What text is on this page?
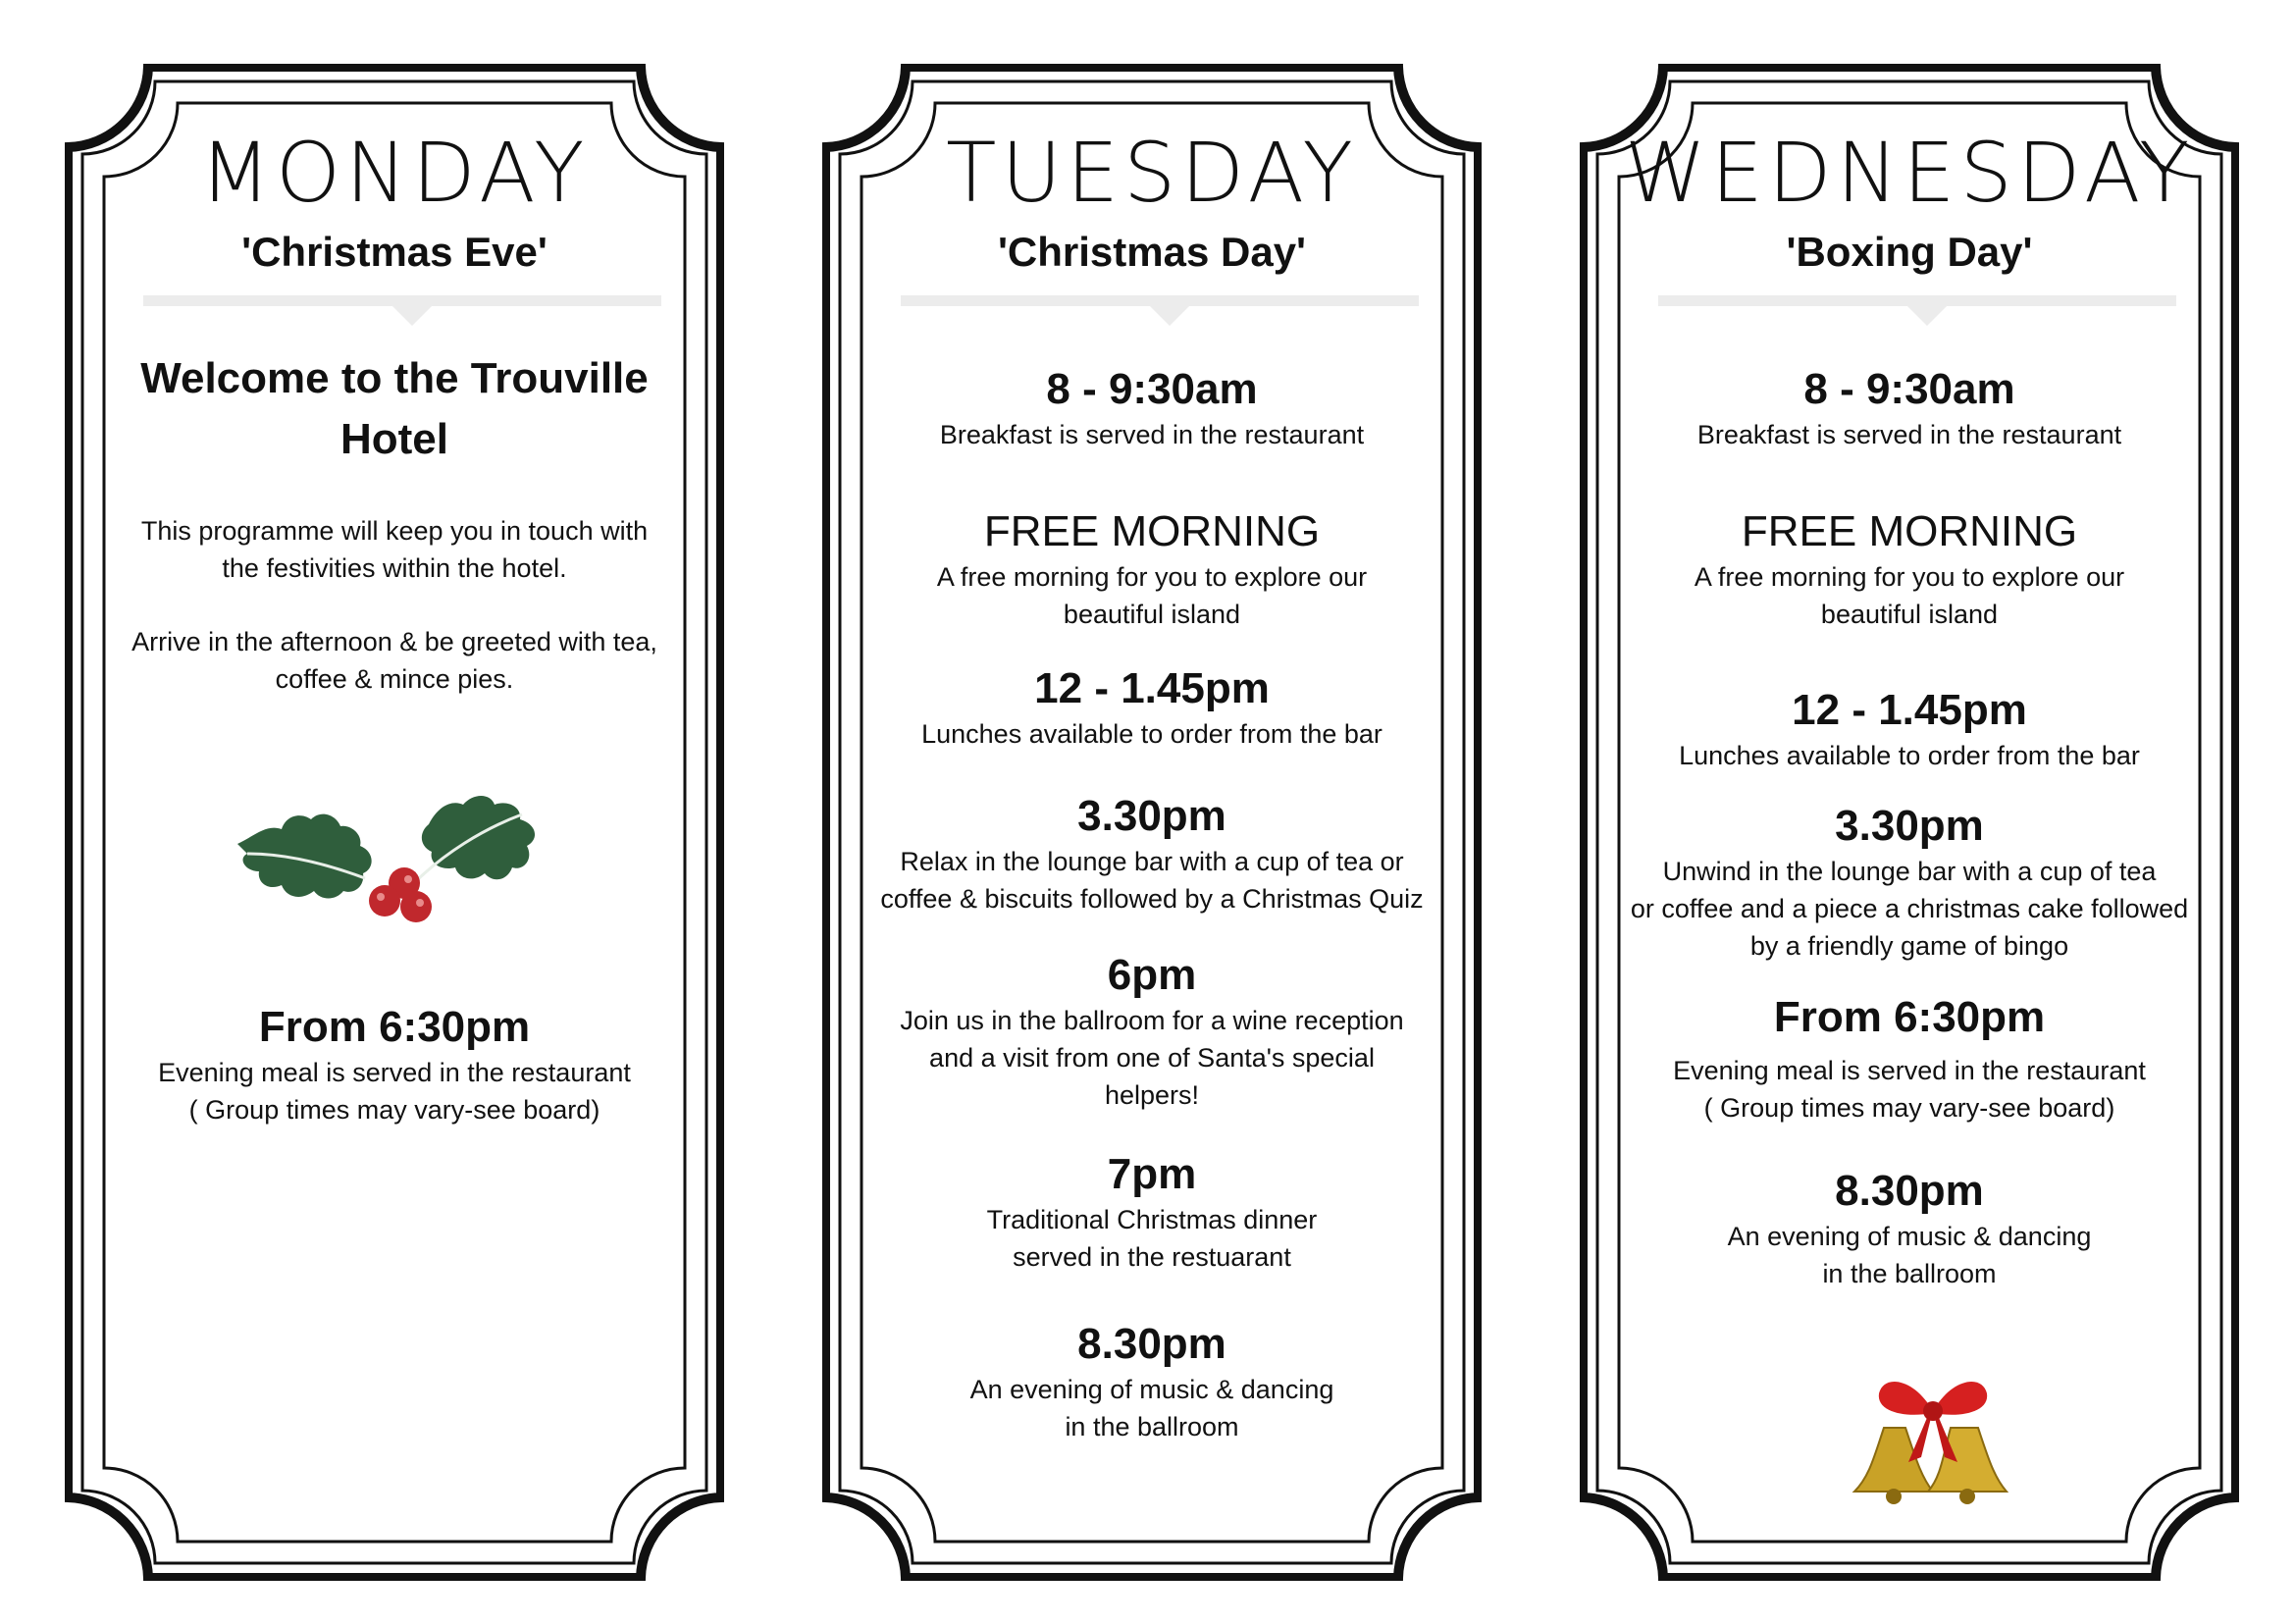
MONDAY
'Christmas Eve'
Welcome to the Trouville
Hotel
This programme will keep you in touch with
the festivities within the hotel.
Arrive in the afternoon & be greeted with tea,
coffee & mince pies.
From 6:30pm
Evening meal is served in the restaurant
( Group times may vary-see board)
TUESDAY
'Christmas Day'
8 - 9:30am
Breakfast is served in the restaurant
FREE MORNING
A free morning for you to explore our
beautiful island
12 - 1.45pm
Lunches available to order from the bar
3.30pm
Relax in the lounge bar with a cup of tea or
coffee & biscuits followed by a Christmas Quiz
6pm
Join us in the ballroom for a wine reception
and a visit from one of Santa's special
helpers!
7pm
Traditional Christmas dinner
served in the restuarant
8.30pm
An evening of music & dancing
in the ballroom
WEDNESDAY
'Boxing Day'
8 - 9:30am
Breakfast is served in the restaurant
FREE MORNING
A free morning for you to explore our
beautiful island
12 - 1.45pm
Lunches available to order from the bar
3.30pm
Unwind in the lounge bar with a cup of tea
or coffee and a piece a christmas cake followed
by a friendly game of bingo
From 6:30pm
Evening meal is served in the restaurant
( Group times may vary-see board)
8.30pm
An evening of music & dancing
in the ballroom
